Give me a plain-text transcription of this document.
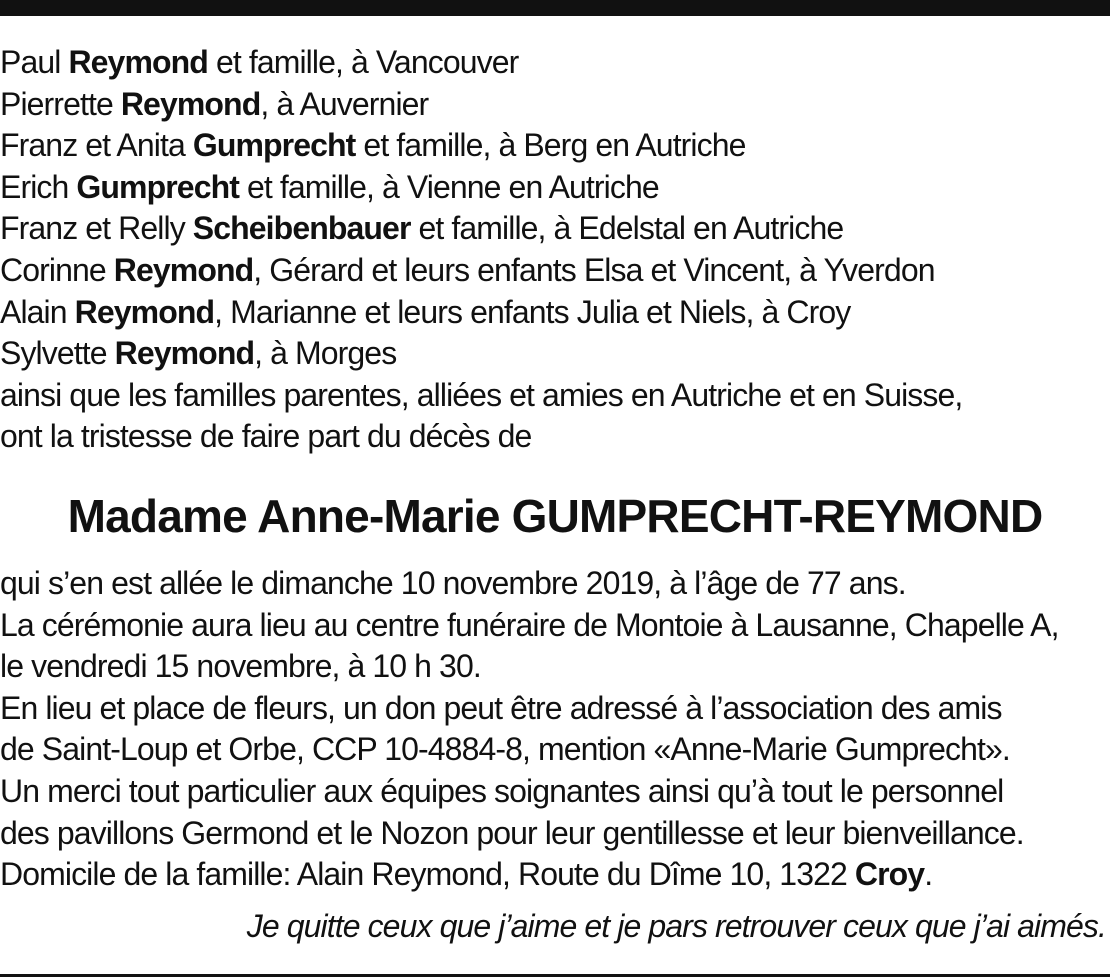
Paul Reymond et famille, à Vancouver
Pierrette Reymond, à Auvernier
Franz et Anita Gumprecht et famille, à Berg en Autriche
Erich Gumprecht et famille, à Vienne en Autriche
Franz et Relly Scheibenbauer et famille, à Edelstal en Autriche
Corinne Reymond, Gérard et leurs enfants Elsa et Vincent, à Yverdon
Alain Reymond, Marianne et leurs enfants Julia et Niels, à Croy
Sylvette Reymond, à Morges
ainsi que les familles parentes, alliées et amies en Autriche et en Suisse,
ont la tristesse de faire part du décès de
Madame Anne-Marie GUMPRECHT-REYMOND
qui s’en est allée le dimanche 10 novembre 2019, à l’âge de 77 ans.
La cérémonie aura lieu au centre funéraire de Montoie à Lausanne, Chapelle A,
le vendredi 15 novembre, à 10 h 30.
En lieu et place de fleurs, un don peut être adressé à l’association des amis
de Saint-Loup et Orbe, CCP 10-4884-8, mention «Anne-Marie Gumprecht».
Un merci tout particulier aux équipes soignantes ainsi qu’à tout le personnel
des pavillons Germond et le Nozon pour leur gentillesse et leur bienveillance.
Domicile de la famille: Alain Reymond, Route du Dîme 10, 1322 Croy.

Je quitte ceux que j’aime et je pars retrouver ceux que j’ai aimés.
